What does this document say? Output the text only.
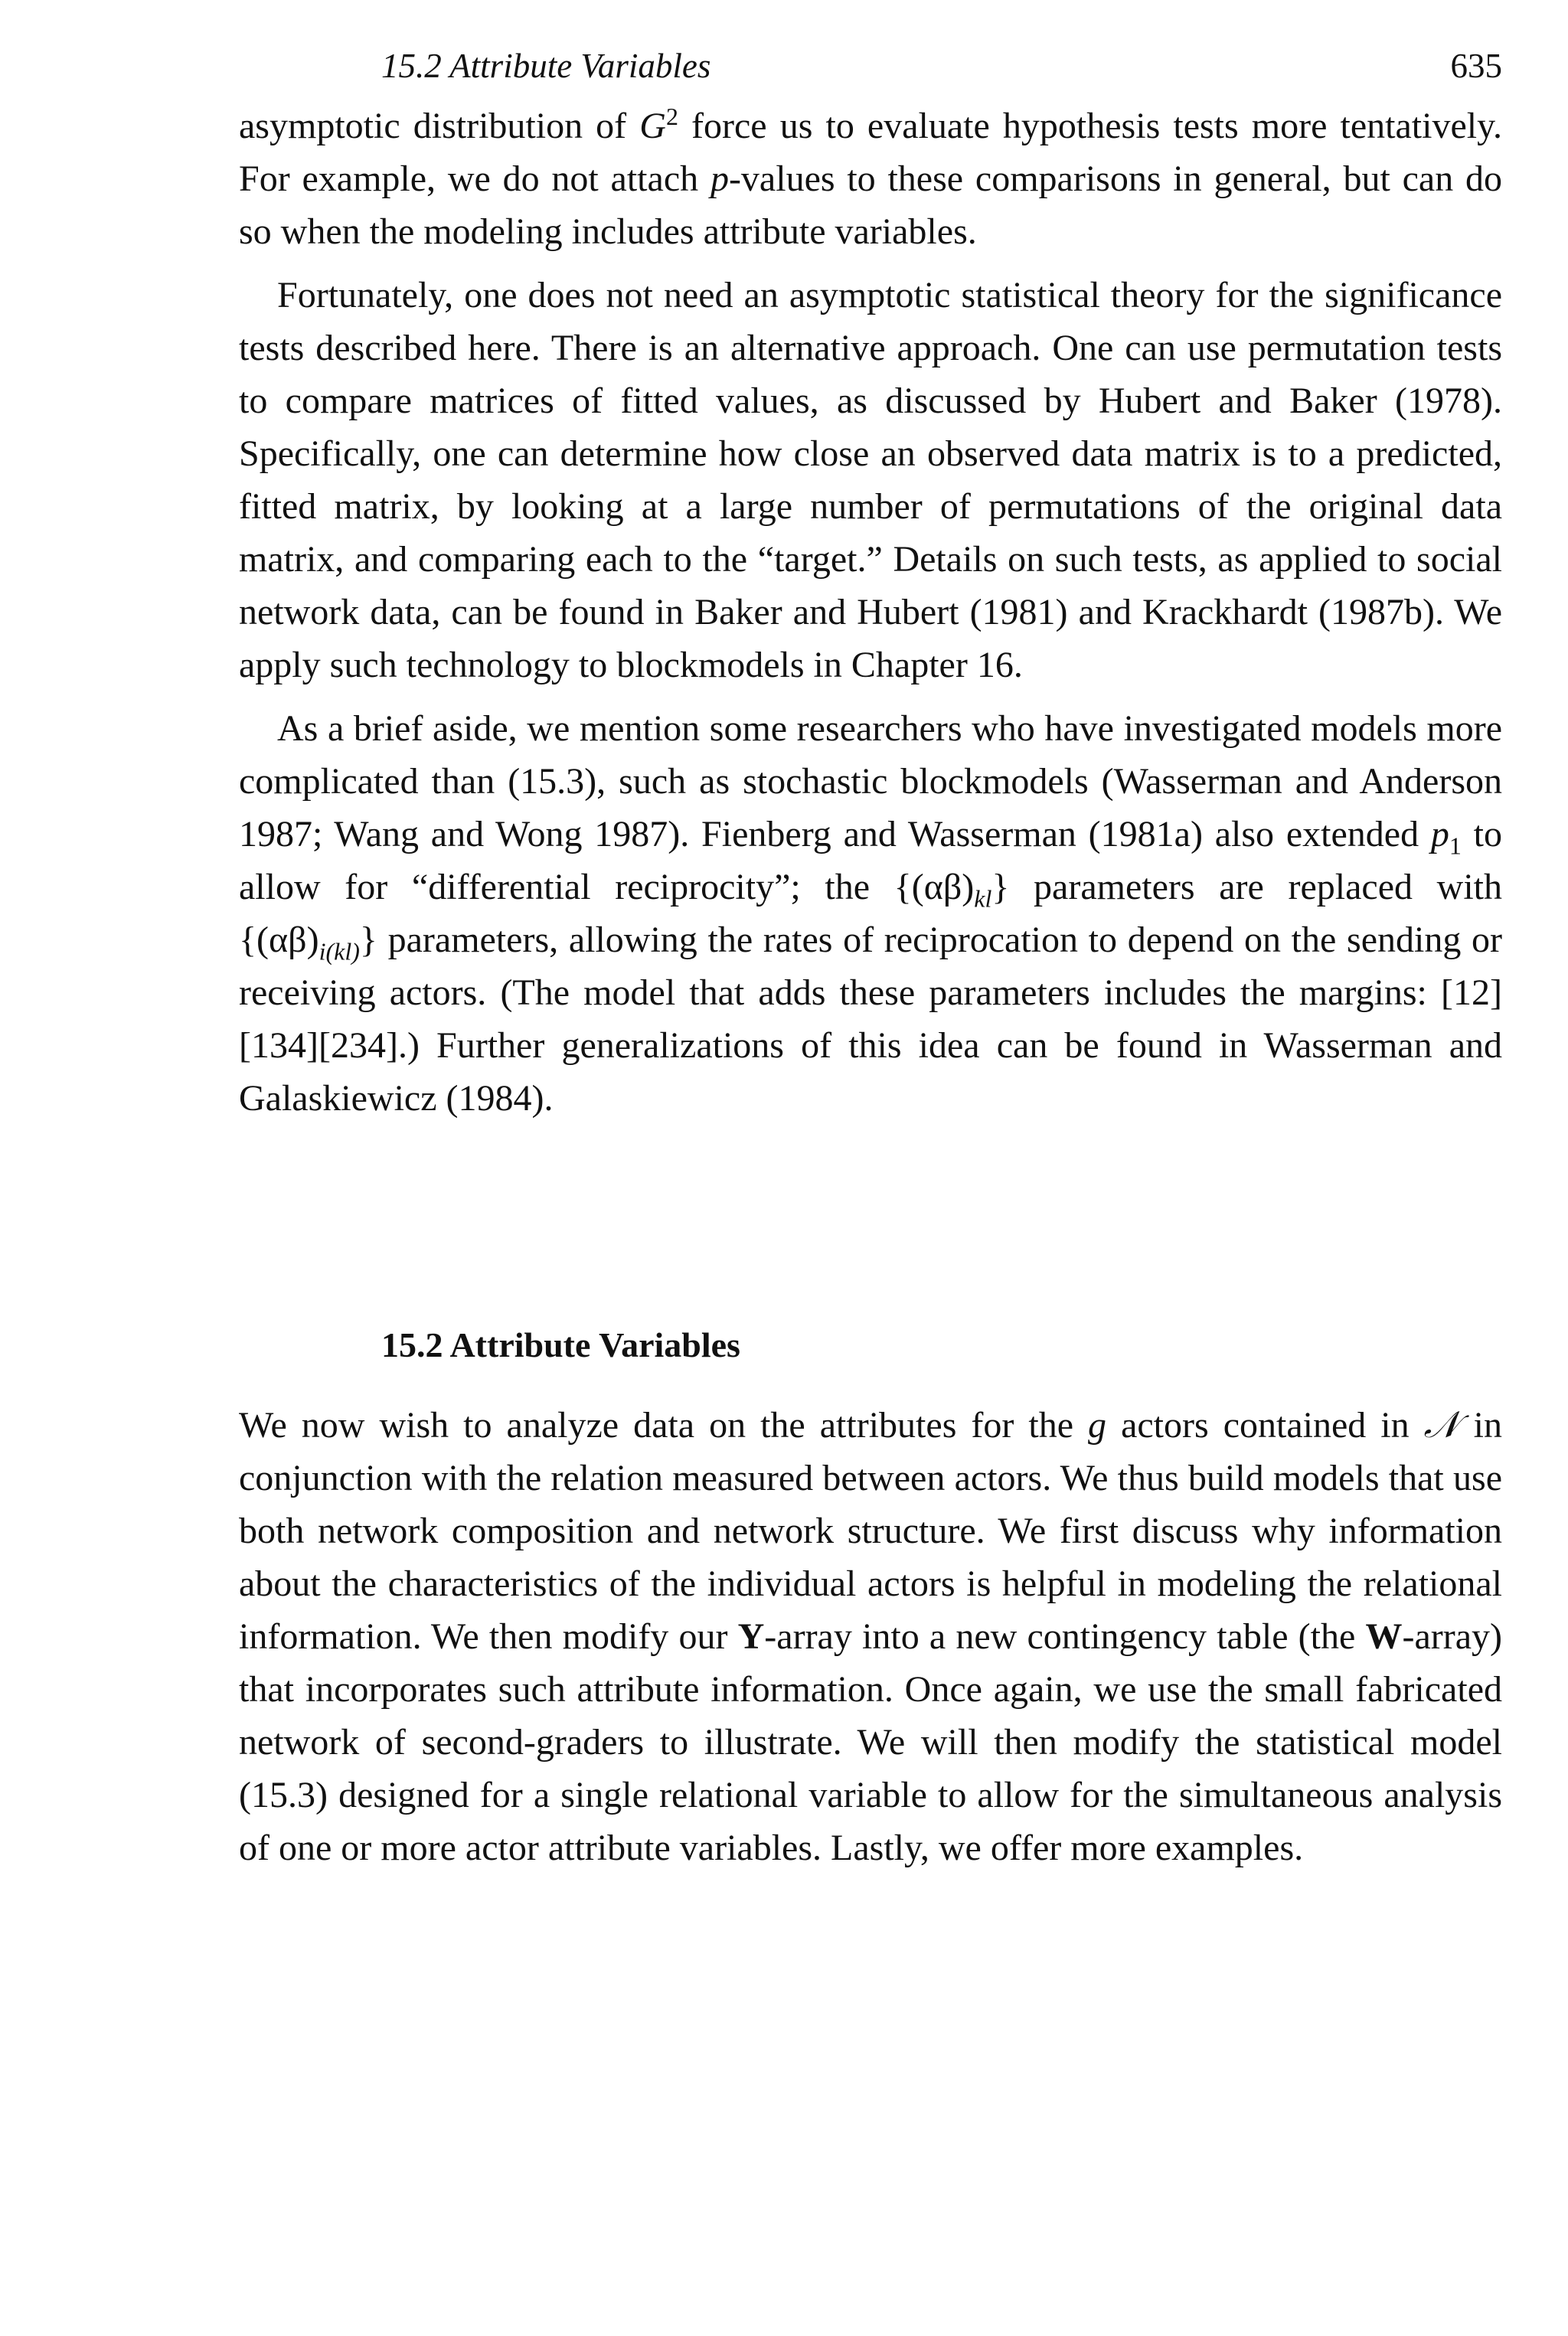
15.2 Attribute Variables	635

asymptotic distribution of $G^2$ force us to evaluate hypothesis tests more tentatively. For example, we do not attach p-values to these comparisons in general, but can do so when the modeling includes attribute variables.

Fortunately, one does not need an asymptotic statistical theory for the significance tests described here. There is an alternative approach. One can use permutation tests to compare matrices of fitted values, as discussed by Hubert and Baker (1978). Specifically, one can determine how close an observed data matrix is to a predicted, fitted matrix, by looking at a large number of permutations of the original data matrix, and comparing each to the “target.” Details on such tests, as applied to social network data, can be found in Baker and Hubert (1981) and Krackhardt (1987b). We apply such technology to blockmodels in Chapter 16.

As a brief aside, we mention some researchers who have investigated models more complicated than (15.3), such as stochastic blockmodels (Wasserman and Anderson 1987; Wang and Wong 1987). Fienberg and Wasserman (1981a) also extended $p_1$ to allow for “differential reciprocity”; the $\{(\alpha\beta)_{kl}\}$ parameters are replaced with $\{(\alpha\beta)_{i(kl)}\}$ parameters, allowing the rates of reciprocation to depend on the sending or receiving actors. (The model that adds these parameters includes the margins: [12][134][234].) Further generalizations of this idea can be found in Wasserman and Galaskiewicz (1984).

15.2 Attribute Variables

We now wish to analyze data on the attributes for the g actors contained in 𝒩 in conjunction with the relation measured between actors. We thus build models that use both network composition and network structure. We first discuss why information about the characteristics of the individual actors is helpful in modeling the relational information. We then modify our Y-array into a new contingency table (the W-array) that incorporates such attribute information. Once again, we use the small fabricated network of second-graders to illustrate. We will then modify the statistical model (15.3) designed for a single relational variable to allow for the simultaneous analysis of one or more actor attribute variables. Lastly, we offer more examples.
